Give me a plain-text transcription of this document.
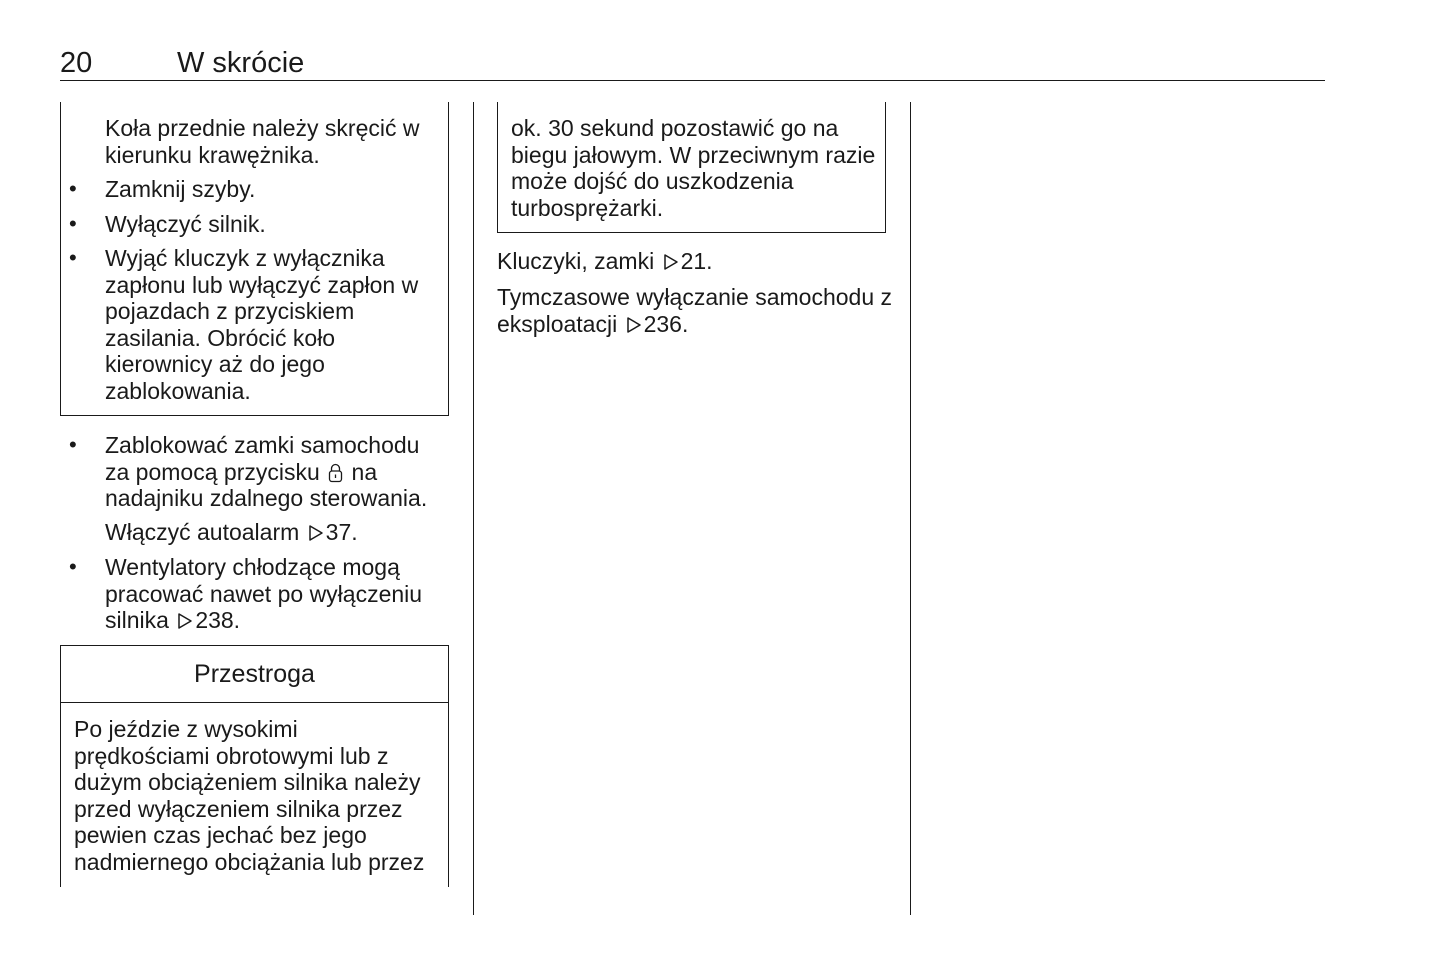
20	W skrócie

Koła przednie należy skręcić w kierunku krawężnika.

• Zamknij szyby.
• Wyłączyć silnik.
• Wyjąć kluczyk z wyłącznika zapłonu lub wyłączyć zapłon w pojazdach z przyciskiem zasilania. Obrócić koło kierownicy aż do jego zablokowania.
• Zablokować zamki samochodu za pomocą przycisku na nadajniku zdalnego sterowania.

Włączyć autoalarm 37.

• Wentylatory chłodzące mogą pracować nawet po wyłączeniu silnika 238.
Przestroga
Po jeździe z wysokimi prędkościami obrotowymi lub z dużym obciążeniem silnika należy przed wyłączeniem silnika przez pewien czas jechać bez jego nadmiernego obciążania lub przez

ok. 30 sekund pozostawić go na biegu jałowym. W przeciwnym razie może dojść do uszkodzenia turbosprężarki.

Kluczyki, zamki 21.

Tymczasowe wyłączanie samochodu z eksploatacji 236.
